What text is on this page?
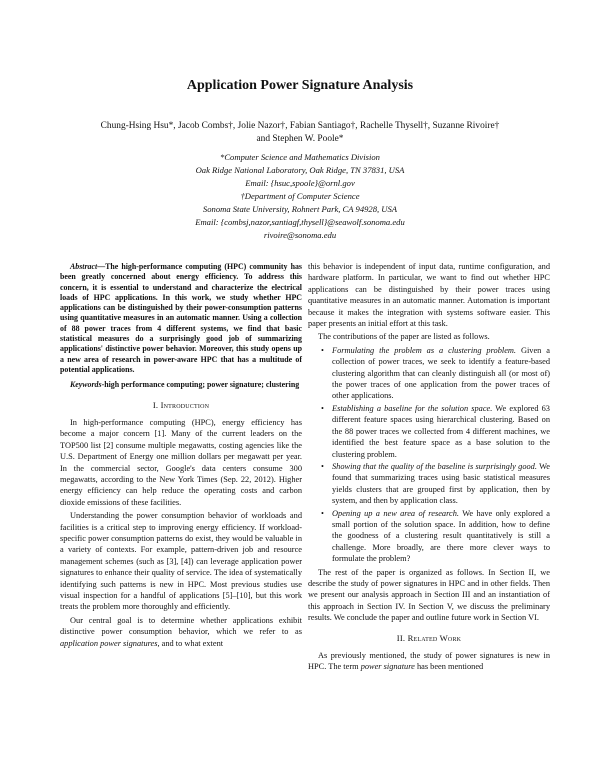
Application Power Signature Analysis
Chung-Hsing Hsu*, Jacob Combs†, Jolie Nazor†, Fabian Santiago†, Rachelle Thysell†, Suzanne Rivoire†
and Stephen W. Poole*
*Computer Science and Mathematics Division
Oak Ridge National Laboratory, Oak Ridge, TN 37831, USA
Email: {hsuc,spoole}@ornl.gov
†Department of Computer Science
Sonoma State University, Rohnert Park, CA 94928, USA
Email: {combsj,nazor,santiagf,thysell}@seawolf.sonoma.edu
rivoire@sonoma.edu

Abstract—The high-performance computing (HPC) community has been greatly concerned about energy efficiency. To address this concern, it is essential to understand and characterize the electrical loads of HPC applications. In this work, we study whether HPC applications can be distinguished by their power-consumption patterns using quantitative measures in an automatic manner. Using a collection of 88 power traces from 4 different systems, we find that basic statistical measures do a surprisingly good job of summarizing applications' distinctive power behavior. Moreover, this study opens up a new area of research in power-aware HPC that has a multitude of potential applications.

Keywords-high performance computing; power signature; clustering

I. Introduction

In high-performance computing (HPC), energy efficiency has become a major concern [1]. Many of the current leaders on the TOP500 list [2] consume multiple megawatts, costing agencies like the U.S. Department of Energy one million dollars per megawatt per year. In the commercial sector, Google's data centers consume 300 megawatts, according to the New York Times (Sep. 22, 2012). Higher energy efficiency can help reduce the operating costs and carbon dioxide emissions of these facilities.

Understanding the power consumption behavior of workloads and facilities is a critical step to improving energy efficiency. If workload-specific power consumption patterns do exist, they would be valuable in a variety of contexts. For example, pattern-driven job and resource management schemes (such as [3], [4]) can leverage application power signatures to enhance their quality of service. The idea of systematically identifying such patterns is new in HPC. Most previous studies use visual inspection for a handful of applications [5]–[10], but this work treats the problem more thoroughly and efficiently.

Our central goal is to determine whether applications exhibit distinctive power consumption behavior, which we refer to as application power signatures, and to what extent

this behavior is independent of input data, runtime configuration, and hardware platform. In particular, we want to find out whether HPC applications can be distinguished by their power traces using quantitative measures in an automatic manner. Automation is important because it makes the integration with systems software easier. This paper presents an initial effort at this task.

The contributions of the paper are listed as follows.

• Formulating the problem as a clustering problem. Given a collection of power traces, we seek to identify a feature-based clustering algorithm that can cleanly distinguish all (or most of) the power traces of one application from the power traces of other applications.
• Establishing a baseline for the solution space. We explored 63 different feature spaces using hierarchical clustering. Based on the 88 power traces we collected from 4 different machines, we identified the best feature space as a base solution to the clustering problem.
• Showing that the quality of the baseline is surprisingly good. We found that summarizing traces using basic statistical measures yields clusters that are grouped first by application, then by system, and then by application class.
• Opening up a new area of research. We have only explored a small portion of the solution space. In addition, how to define the goodness of a clustering result quantitatively is still a challenge. More broadly, are there more clever ways to formulate the problem?

The rest of the paper is organized as follows. In Section II, we describe the study of power signatures in HPC and in other fields. Then we present our analysis approach in Section III and an instantiation of this approach in Section IV. In Section V, we discuss the preliminary results. We conclude the paper and outline future work in Section VI.

II. Related Work

As previously mentioned, the study of power signatures is new in HPC. The term power signature has been mentioned
